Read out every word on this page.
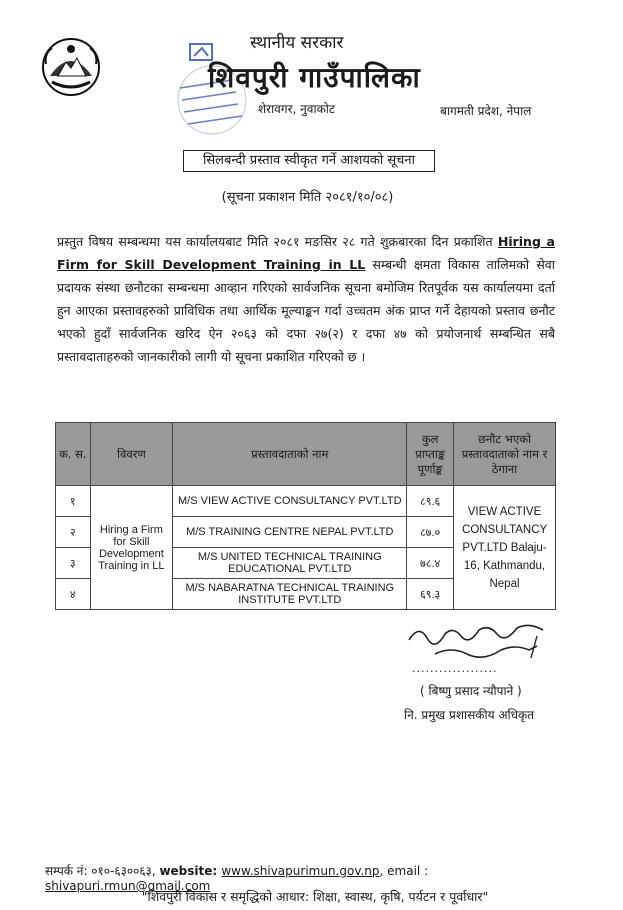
स्थानीय सरकार
शिवपुरी गाउँपालिका
शेरावगर, नुवाकोट	बागमती प्रदेश, नेपाल
सिलबन्दी प्रस्ताव स्वीकृत गर्ने आशयको सूचना
(सूचना प्रकाशन मिति २०८१/१०/०८)
प्रस्तुत विषय सम्बन्धमा यस कार्यालयबाट मिति २०८१ मङसिर २८ गते शुक्रबारका दिन प्रकाशित Hiring a Firm for Skill Development Training in LL सम्बन्धी क्षमता विकास तालिमको सेवा प्रदायक संस्था छनौटका सम्बन्धमा आव्हान गरिएको सार्वजनिक सूचना बमोजिम रितपूर्वक यस कार्यालयमा दर्ता हुन आएका प्रस्तावहरुको प्राविधिक तथा आर्थिक मूल्याङ्कन गर्दा उच्चतम अंक प्राप्त गर्ने देहायको प्रस्ताव छनौट भएको हुदाँ सार्वजनिक खरिद ऐन २०६३ को दफा २७(२) र दफा ४७ को प्रयोजनार्थ सम्बन्धित सबै प्रस्तावदाताहरुको जानकारीको लागी यो सूचना प्रकाशित गरिएको छ ।
क. स.	विवरण	प्रस्तावदाताको नाम	कुल प्राप्ताङ्क पूर्णाङ्क	छनौट भएको प्रस्तावदाताको नाम र ठेगाना
१	Hiring a Firm for Skill Development Training in LL	M/S VIEW ACTIVE CONSULTANCY PVT.LTD	८९.६	VIEW ACTIVE CONSULTANCY PVT.LTD Balaju-16, Kathmandu, Nepal
२		M/S TRAINING CENTRE NEPAL PVT.LTD	८७.०	
३		M/S UNITED TECHNICAL TRAINING EDUCATIONAL PVT.LTD	७८.४	
४		M/S NABARATNA TECHNICAL TRAINING INSTITUTE PVT.LTD	६९.३	
...................
( बिष्णु प्रसाद न्यौपाने )
नि. प्रमुख प्रशासकीय अधिकृत
सम्पर्क नं: ०१०-६३००६३, website: www.shivapurimun.gov.np, email : shivapuri.rmun@gmail.com
"शिवपुरी विकास र समृद्धिको आधार: शिक्षा, स्वास्थ, कृषि, पर्यटन र पूर्वाधार"
